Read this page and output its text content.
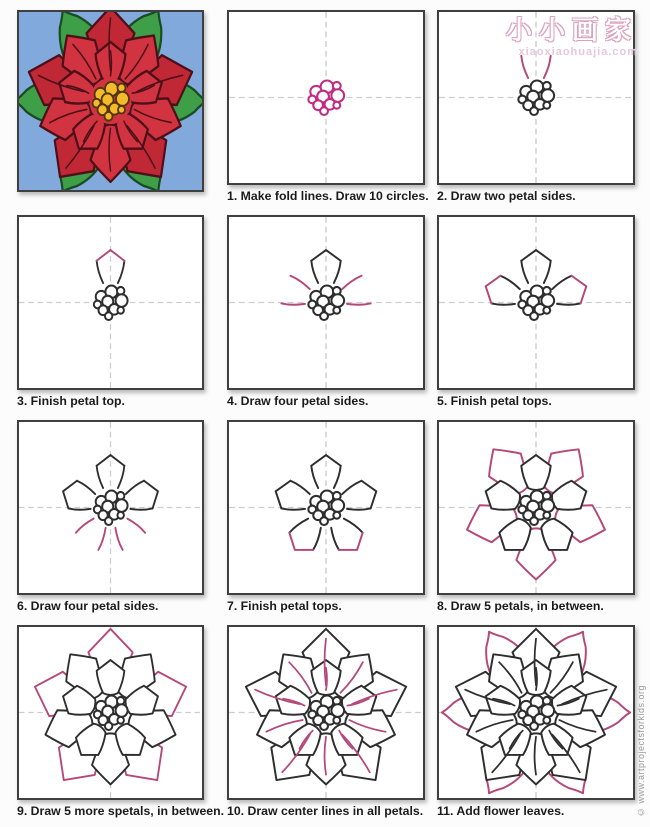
1. Make fold lines. Draw 10 circles. 2. Draw two petal sides.
3. Finish petal top.	4. Draw four petal sides.	5. Finish petal tops.
6. Draw four petal sides.	7. Finish petal tops.	8. Draw 5 petals, in between.
9. Draw 5 more spetals, in between. 10. Draw center lines in all petals. 11. Add flower leaves.
小小画家
xiaoxiaohuajia.com
© www.artprojectsforkids.org
